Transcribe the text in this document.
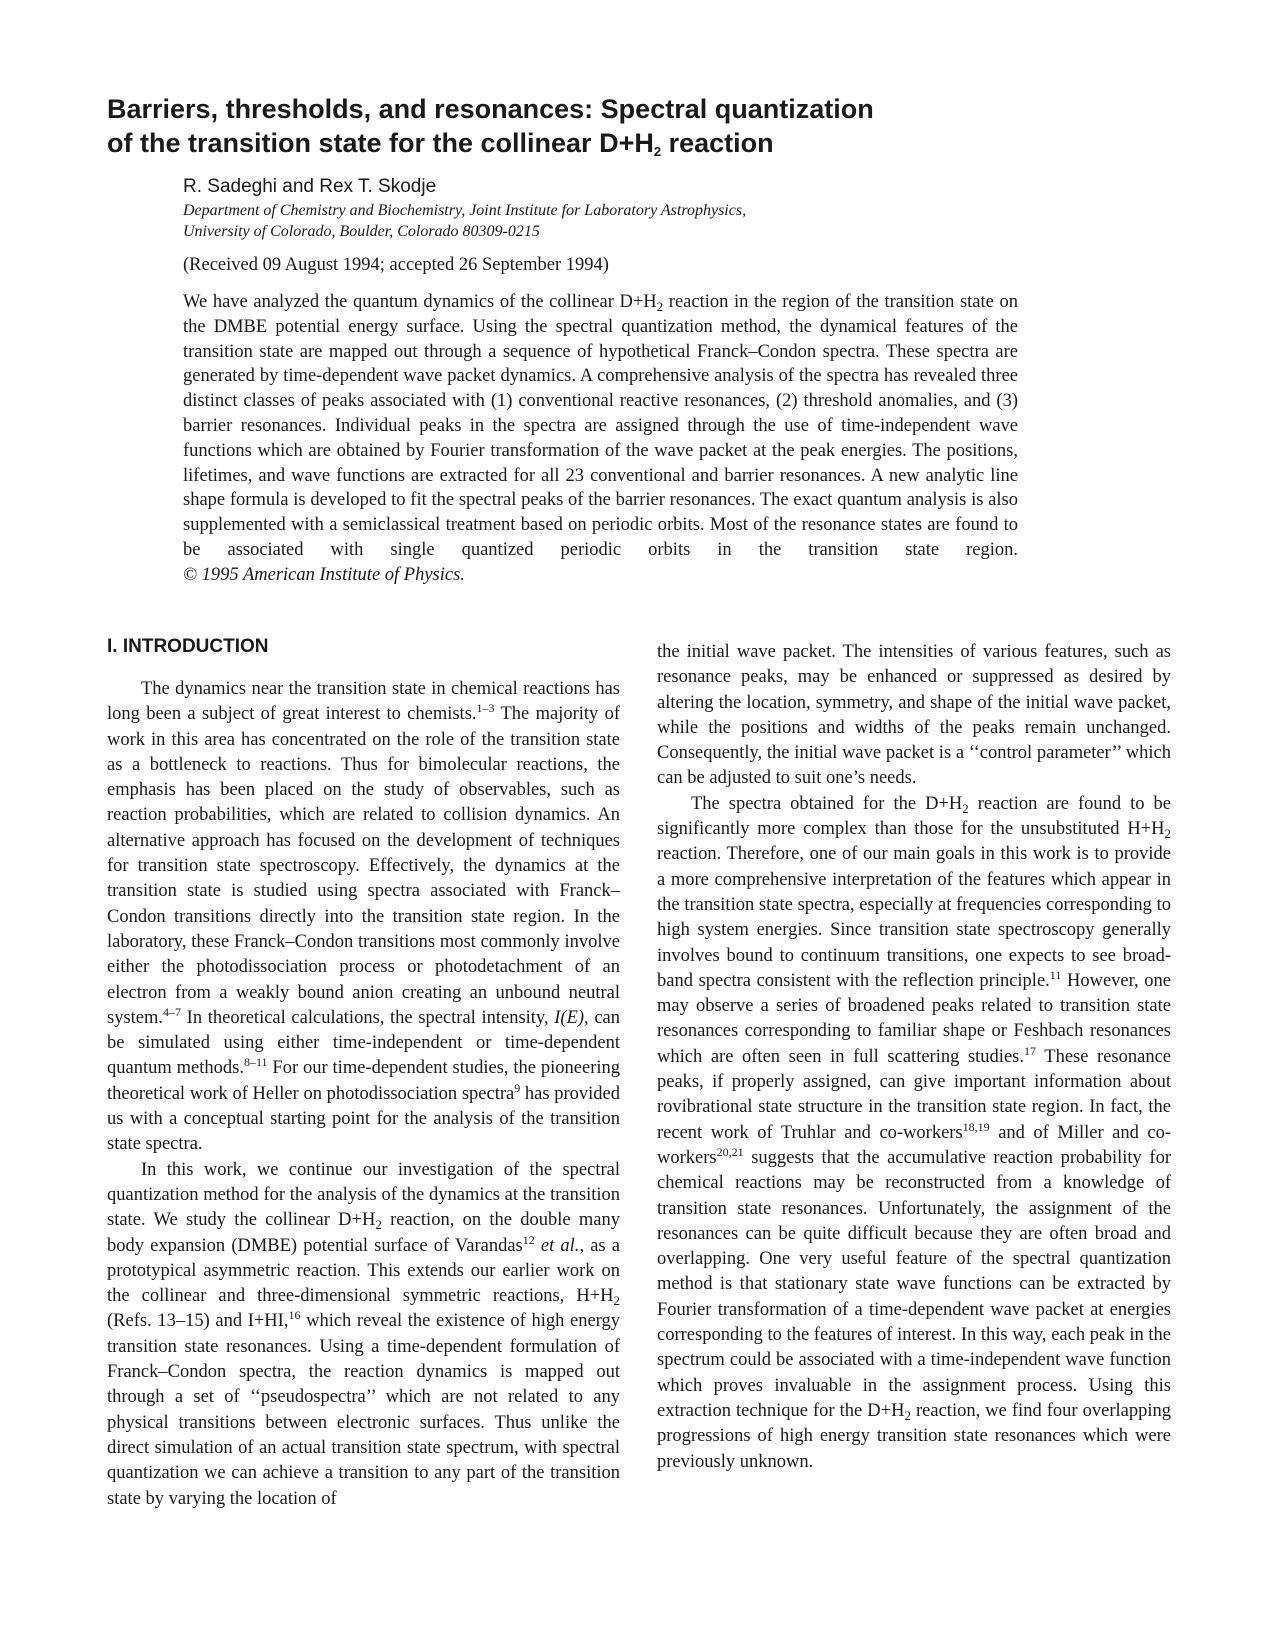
Barriers, thresholds, and resonances: Spectral quantization
of the transition state for the collinear $D+H_2$ reaction
R. Sadeghi and Rex T. Skodje
Department of Chemistry and Biochemistry, Joint Institute for Laboratory Astrophysics,
University of Colorado, Boulder, Colorado 80309-0215
(Received 09 August 1994; accepted 26 September 1994)

We have analyzed the quantum dynamics of the collinear $D+H_2$ reaction in the region of the transition state on the DMBE potential energy surface. Using the spectral quantization method, the dynamical features of the transition state are mapped out through a sequence of hypothetical Franck–Condon spectra. These spectra are generated by time-dependent wave packet dynamics. A comprehensive analysis of the spectra has revealed three distinct classes of peaks associated with (1) conventional reactive resonances, (2) threshold anomalies, and (3) barrier resonances. Individual peaks in the spectra are assigned through the use of time-independent wave functions which are obtained by Fourier transformation of the wave packet at the peak energies. The positions, lifetimes, and wave functions are extracted for all 23 conventional and barrier resonances. A new analytic line shape formula is developed to fit the spectral peaks of the barrier resonances. The exact quantum analysis is also supplemented with a semiclassical treatment based on periodic orbits. Most of the resonance states are found to be associated with single quantized periodic orbits in the transition state region. © 1995 American Institute of Physics.

I. INTRODUCTION

The dynamics near the transition state in chemical reactions has long been a subject of great interest to chemists.$^{1-3}$ The majority of work in this area has concentrated on the role of the transition state as a bottleneck to reactions. Thus for bimolecular reactions, the emphasis has been placed on the study of observables, such as reaction probabilities, which are related to collision dynamics. An alternative approach has focused on the development of techniques for transition state spectroscopy. Effectively, the dynamics at the transition state is studied using spectra associated with Franck–Condon transitions directly into the transition state region. In the laboratory, these Franck–Condon transitions most commonly involve either the photodissociation process or photodetachment of an electron from a weakly bound anion creating an unbound neutral system.$^{4-7}$ In theoretical calculations, the spectral intensity, I(E), can be simulated using either time-independent or time-dependent quantum methods.$^{8-11}$ For our time-dependent studies, the pioneering theoretical work of Heller on photodissociation spectra$^9$ has provided us with a conceptual starting point for the analysis of the transition state spectra.

In this work, we continue our investigation of the spectral quantization method for the analysis of the dynamics at the transition state. We study the collinear $D+H_2$ reaction, on the double many body expansion (DMBE) potential surface of Varandas$^{12}$ et al., as a prototypical asymmetric reaction. This extends our earlier work on the collinear and three-dimensional symmetric reactions, $H+H_2$ (Refs. 13–15) and I+HI,$^{16}$ which reveal the existence of high energy transition state resonances. Using a time-dependent formulation of Franck–Condon spectra, the reaction dynamics is mapped out through a set of ‘‘pseudospectra’’ which are not related to any physical transitions between electronic surfaces. Thus unlike the direct simulation of an actual transition state spectrum, with spectral quantization we can achieve a transition to any part of the transition state by varying the location of

the initial wave packet. The intensities of various features, such as resonance peaks, may be enhanced or suppressed as desired by altering the location, symmetry, and shape of the initial wave packet, while the positions and widths of the peaks remain unchanged. Consequently, the initial wave packet is a ‘‘control parameter’’ which can be adjusted to suit one’s needs.

The spectra obtained for the $D+H_2$ reaction are found to be significantly more complex than those for the unsubstituted $H+H_2$ reaction. Therefore, one of our main goals in this work is to provide a more comprehensive interpretation of the features which appear in the transition state spectra, especially at frequencies corresponding to high system energies. Since transition state spectroscopy generally involves bound to continuum transitions, one expects to see broad-band spectra consistent with the reflection principle.$^{11}$ However, one may observe a series of broadened peaks related to transition state resonances corresponding to familiar shape or Feshbach resonances which are often seen in full scattering studies.$^{17}$ These resonance peaks, if properly assigned, can give important information about rovibrational state structure in the transition state region. In fact, the recent work of Truhlar and co-workers$^{18,19}$ and of Miller and co-workers$^{20,21}$ suggests that the accumulative reaction probability for chemical reactions may be reconstructed from a knowledge of transition state resonances. Unfortunately, the assignment of the resonances can be quite difficult because they are often broad and overlapping. One very useful feature of the spectral quantization method is that stationary state wave functions can be extracted by Fourier transformation of a time-dependent wave packet at energies corresponding to the features of interest. In this way, each peak in the spectrum could be associated with a time-independent wave function which proves invaluable in the assignment process. Using this extraction technique for the $D+H_2$ reaction, we find four overlapping progressions of high energy transition state resonances which were previously unknown.
